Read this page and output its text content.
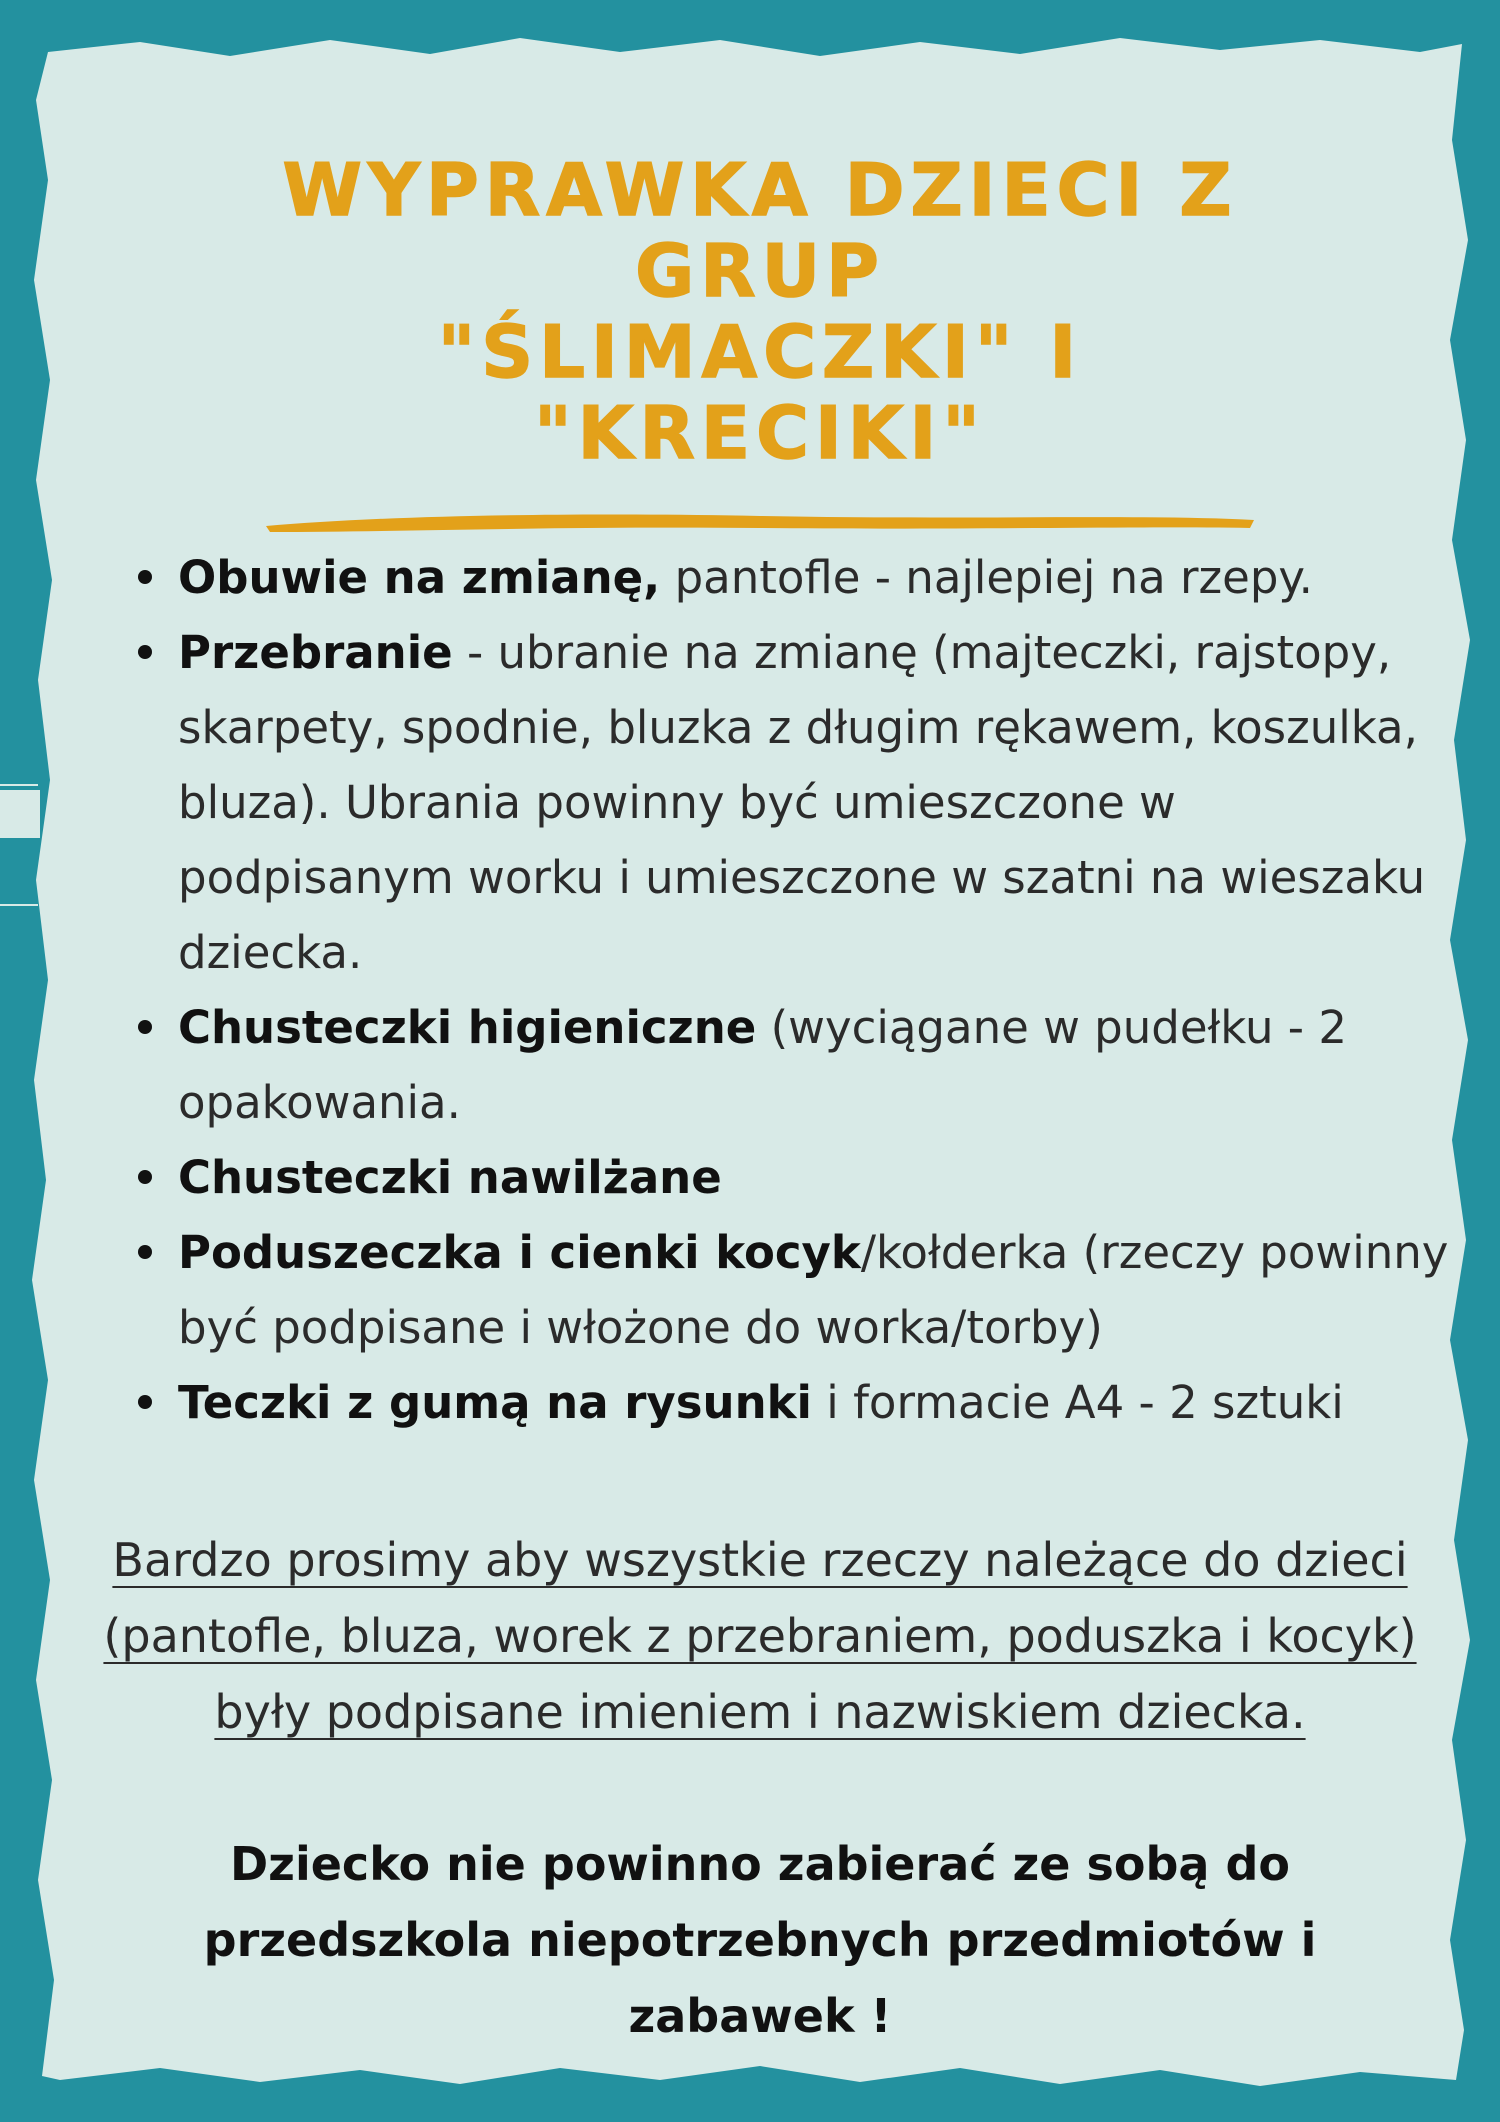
WYPRAWKA DZIECI Z
GRUP
"ŚLIMACZKI" I
"KRECIKI"
Obuwie na zmianę, pantofle - najlepiej na rzepy.
Przebranie - ubranie na zmianę (majteczki, rajstopy, skarpety, spodnie, bluzka z długim rękawem, koszulka, bluza). Ubrania powinny być umieszczone w podpisanym worku i umieszczone w szatni na wieszaku dziecka.
Chusteczki higieniczne (wyciągane w pudełku - 2 opakowania.
Chusteczki nawilżane
Poduszeczka i cienki kocyk/kołderka (rzeczy powinny być podpisane i włożone do worka/torby)
Teczki z gumą na rysunki i formacie A4 - 2 sztuki

Bardzo prosimy aby wszystkie rzeczy należące do dzieci
(pantofle, bluza, worek z przebraniem, poduszka i kocyk)
były podpisane imieniem i nazwiskiem dziecka.

Dziecko nie powinno zabierać ze sobą do
przedszkola niepotrzebnych przedmiotów i
zabawek !
